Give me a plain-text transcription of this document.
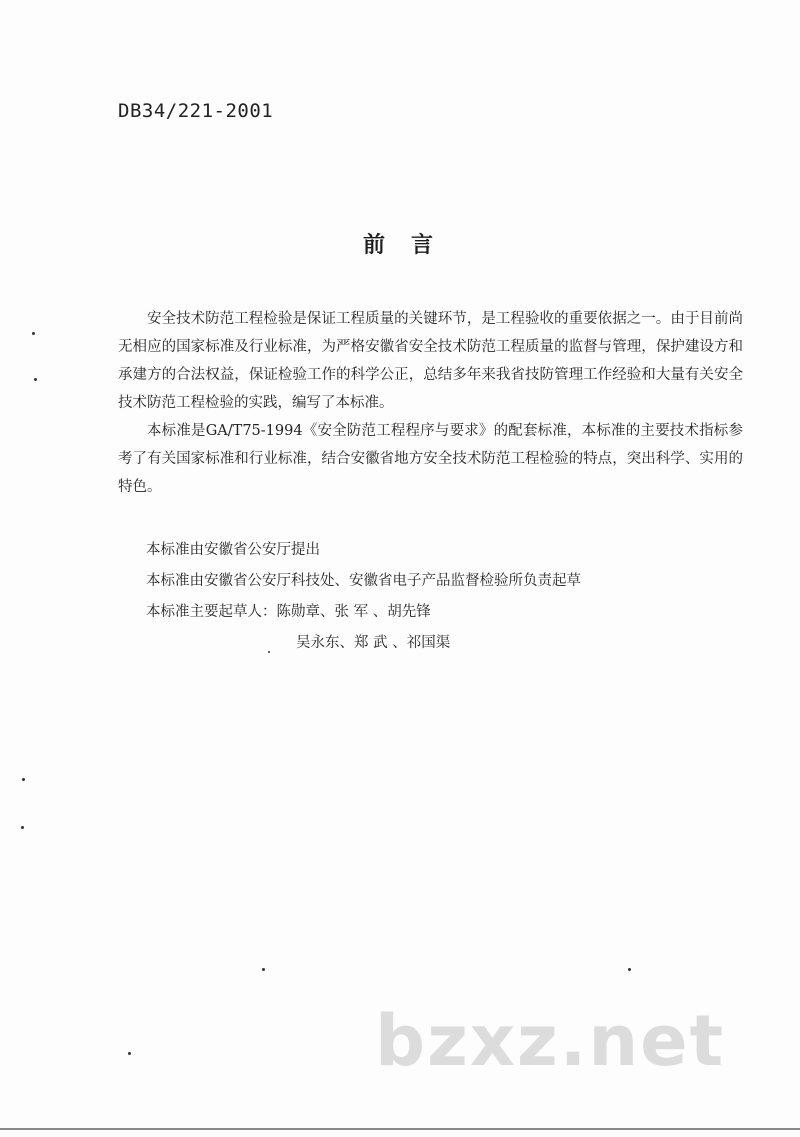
DB34/221-2001
前言

安全技术防范工程检验是保证工程质量的关键环节，是工程验收的重要依据之一。由于目前尚无相应的国家标准及行业标准，为严格安徽省安全技术防范工程质量的监督与管理，保护建设方和承建方的合法权益，保证检验工作的科学公正，总结多年来我省技防管理工作经验和大量有关安全技术防范工程检验的实践，编写了本标准。

本标准是GA/T75-1994《安全防范工程程序与要求》的配套标准，本标准的主要技术指标参考了有关国家标准和行业标准，结合安徽省地方安全技术防范工程检验的特点，突出科学、实用的特色。

本标准由安徽省公安厅提出

本标准由安徽省公安厅科技处、安徽省电子产品监督检验所负责起草

本标准主要起草人：陈勋章、张 军 、胡先锋

吴永东、郑 武 、祁国渠

bzxz.net
